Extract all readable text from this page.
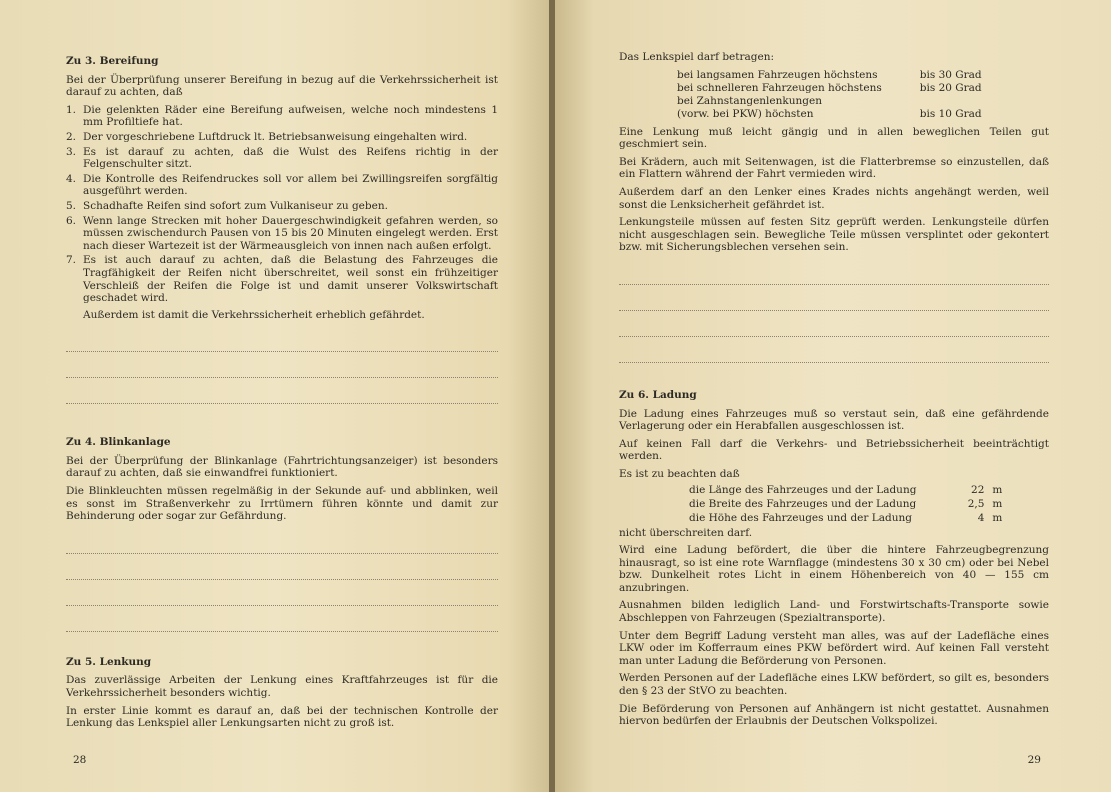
Zu 3. Bereifung

Bei der Überprüfung unserer Bereifung in bezug auf die Verkehrssicherheit ist darauf zu achten, daß

1. Die gelenkten Räder eine Bereifung aufweisen, welche noch mindestens 1 mm Profiltiefe hat.
2. Der vorgeschriebene Luftdruck lt. Betriebsanweisung eingehalten wird.
3. Es ist darauf zu achten, daß die Wulst des Reifens richtig in der Felgenschulter sitzt.
4. Die Kontrolle des Reifendruckes soll vor allem bei Zwillingsreifen sorgfältig ausgeführt werden.
5. Schadhafte Reifen sind sofort zum Vulkaniseur zu geben.
6. Wenn lange Strecken mit hoher Dauergeschwindigkeit gefahren werden, so müssen zwischendurch Pausen von 15 bis 20 Minuten eingelegt werden. Erst nach dieser Wartezeit ist der Wärmeausgleich von innen nach außen erfolgt.
7. Es ist auch darauf zu achten, daß die Belastung des Fahrzeuges die Tragfähigkeit der Reifen nicht überschreitet, weil sonst ein frühzeitiger Verschleiß der Reifen die Folge ist und damit unserer Volkswirtschaft geschadet wird.

Außerdem ist damit die Verkehrssicherheit erheblich gefährdet.

Zu 4. Blinkanlage

Bei der Überprüfung der Blinkanlage (Fahrtrichtungsanzeiger) ist besonders darauf zu achten, daß sie einwandfrei funktioniert.

Die Blinkleuchten müssen regelmäßig in der Sekunde auf- und abblinken, weil es sonst im Straßenverkehr zu Irrtümern führen könnte und damit zur Behinderung oder sogar zur Gefährdung.

Zu 5. Lenkung

Das zuverlässige Arbeiten der Lenkung eines Kraftfahrzeuges ist für die Verkehrssicherheit besonders wichtig.

In erster Linie kommt es darauf an, daß bei der technischen Kontrolle der Lenkung das Lenkspiel aller Lenkungsarten nicht zu groß ist.

28

Das Lenkspiel darf betragen:

bei langsamen Fahrzeugen höchstens	bis 30 Grad
bei schnelleren Fahrzeugen höchstens	bis 20 Grad
bei Zahnstangenlenkungen	
(vorw. bei PKW) höchsten	bis 10 Grad

Eine Lenkung muß leicht gängig und in allen beweglichen Teilen gut geschmiert sein.

Bei Krädern, auch mit Seitenwagen, ist die Flatterbremse so einzustellen, daß ein Flattern während der Fahrt vermieden wird.

Außerdem darf an den Lenker eines Krades nichts angehängt werden, weil sonst die Lenksicherheit gefährdet ist.

Lenkungsteile müssen auf festen Sitz geprüft werden. Lenkungsteile dürfen nicht ausgeschlagen sein. Bewegliche Teile müssen versplintet oder gekontert bzw. mit Sicherungsblechen versehen sein.

Zu 6. Ladung

Die Ladung eines Fahrzeuges muß so verstaut sein, daß eine gefährdende Verlagerung oder ein Herabfallen ausgeschlossen ist.

Auf keinen Fall darf die Verkehrs- und Betriebssicherheit beeinträchtigt werden.

Es ist zu beachten daß

die Länge des Fahrzeuges und der Ladung	22	m
die Breite des Fahrzeuges und der Ladung	2,5	m
die Höhe des Fahrzeuges und der Ladung	4	m

nicht überschreiten darf.

Wird eine Ladung befördert, die über die hintere Fahrzeugbegrenzung hinausragt, so ist eine rote Warnflagge (mindestens 30 x 30 cm) oder bei Nebel bzw. Dunkelheit rotes Licht in einem Höhenbereich von 40 — 155 cm anzubringen.

Ausnahmen bilden lediglich Land- und Forstwirtschafts-Transporte sowie Abschleppen von Fahrzeugen (Spezialtransporte).

Unter dem Begriff Ladung versteht man alles, was auf der Ladefläche eines LKW oder im Kofferraum eines PKW befördert wird. Auf keinen Fall versteht man unter Ladung die Beförderung von Personen.

Werden Personen auf der Ladefläche eines LKW befördert, so gilt es, besonders den § 23 der StVO zu beachten.

Die Beförderung von Personen auf Anhängern ist nicht gestattet. Ausnahmen hiervon bedürfen der Erlaubnis der Deutschen Volkspolizei.

29
